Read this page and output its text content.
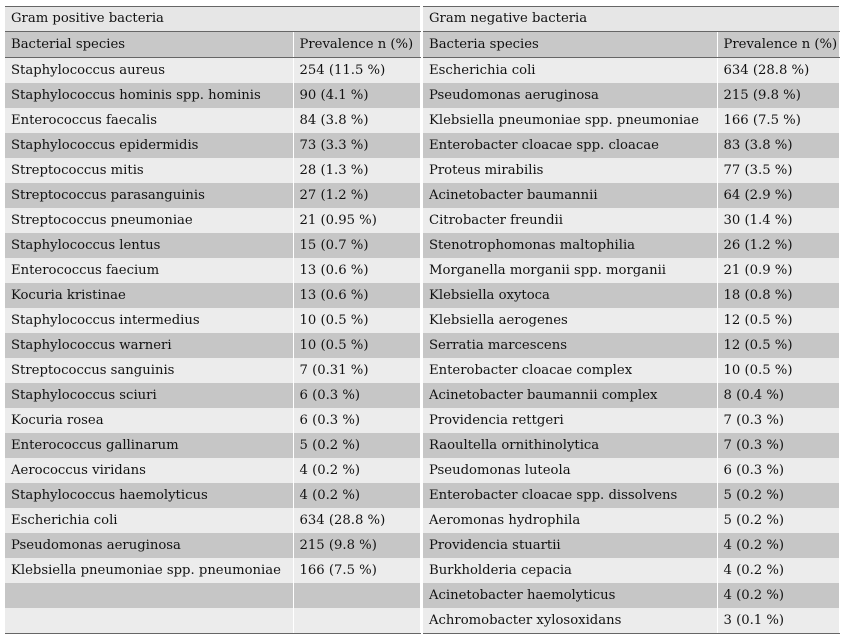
Gram positive bacteria	
Bacterial species	Prevalence n (%)
Staphylococcus aureus	254 (11.5 %)
Staphylococcus hominis spp. hominis	90 (4.1 %)
Enterococcus faecalis	84 (3.8 %)
Staphylococcus epidermidis	73 (3.3 %)
Streptococcus mitis	28 (1.3 %)
Streptococcus parasanguinis	27 (1.2 %)
Streptococcus pneumoniae	21 (0.95 %)
Staphylococcus lentus	15 (0.7 %)
Enterococcus faecium	13 (0.6 %)
Kocuria kristinae	13 (0.6 %)
Staphylococcus intermedius	10 (0.5 %)
Staphylococcus warneri	10 (0.5 %)
Streptococcus sanguinis	7 (0.31 %)
Staphylococcus sciuri	6 (0.3 %)
Kocuria rosea	6 (0.3 %)
Enterococcus gallinarum	5 (0.2 %)
Aerococcus viridans	4 (0.2 %)
Staphylococcus haemolyticus	4 (0.2 %)
Escherichia coli	634 (28.8 %)
Pseudomonas aeruginosa	215 (9.8 %)
Klebsiella pneumoniae spp. pneumoniae	166 (7.5 %)

Gram negative bacteria	
Bacteria species	Prevalence n (%)
Escherichia coli	634 (28.8 %)
Pseudomonas aeruginosa	215 (9.8 %)
Klebsiella pneumoniae spp. pneumoniae	166 (7.5 %)
Enterobacter cloacae spp. cloacae	83 (3.8 %)
Proteus mirabilis	77 (3.5 %)
Acinetobacter baumannii	64 (2.9 %)
Citrobacter freundii	30 (1.4 %)
Stenotrophomonas maltophilia	26 (1.2 %)
Morganella morganii spp. morganii	21 (0.9 %)
Klebsiella oxytoca	18 (0.8 %)
Klebsiella aerogenes	12 (0.5 %)
Serratia marcescens	12 (0.5 %)
Enterobacter cloacae complex	10 (0.5 %)
Acinetobacter baumannii complex	8 (0.4 %)
Providencia rettgeri	7 (0.3 %)
Raoultella ornithinolytica	7 (0.3 %)
Pseudomonas luteola	6 (0.3 %)
Enterobacter cloacae spp. dissolvens	5 (0.2 %)
Aeromonas hydrophila	5 (0.2 %)
Providencia stuartii	4 (0.2 %)
Burkholderia cepacia	4 (0.2 %)
Acinetobacter haemolyticus	4 (0.2 %)
Achromobacter xylosoxidans	3 (0.1 %)
